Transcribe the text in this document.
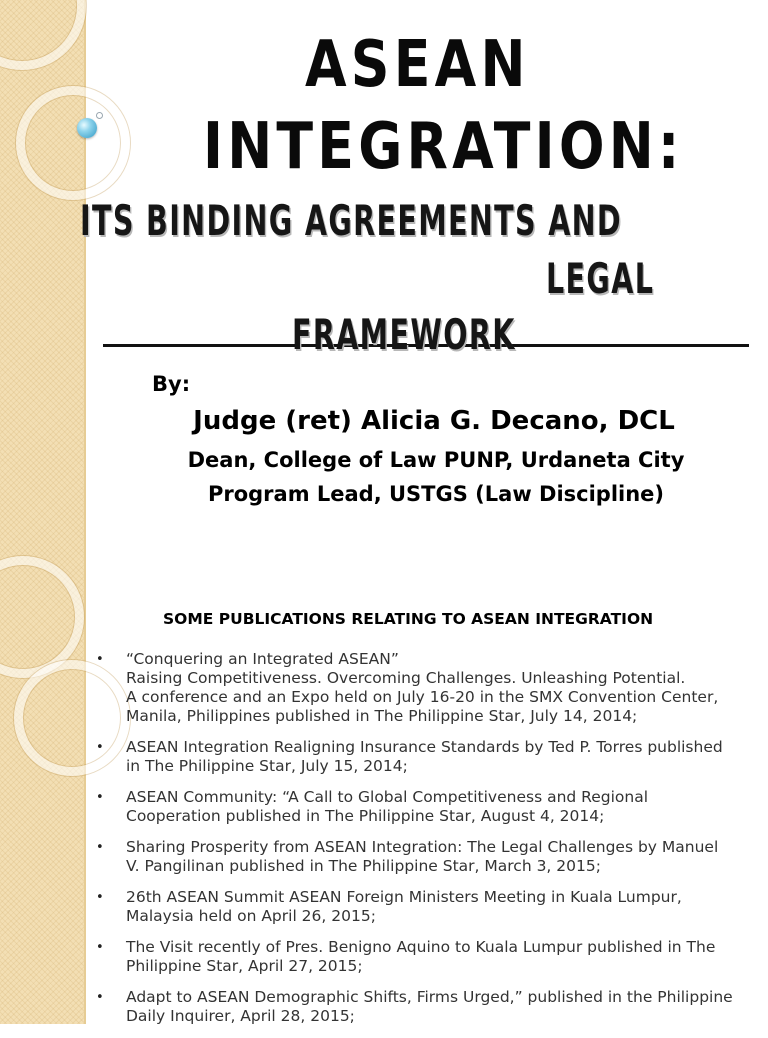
ASEAN
INTEGRATION:
ITS BINDING AGREEMENTS AND
LEGAL
FRAMEWORK
By:
Judge (ret) Alicia G. Decano, DCL
Dean, College of Law PUNP, Urdaneta City
Program Lead, USTGS (Law Discipline)
SOME PUBLICATIONS RELATING TO ASEAN INTEGRATION
• “Conquering an Integrated ASEAN”
Raising Competitiveness. Overcoming Challenges. Unleashing Potential.
A conference and an Expo held on July 16-20 in the SMX Convention Center, Manila, Philippines published in The Philippine Star, July 14, 2014;
• ASEAN Integration Realigning Insurance Standards by Ted P. Torres published in The Philippine Star, July 15, 2014;
• ASEAN Community: “A Call to Global Competitiveness and Regional Cooperation published in The Philippine Star, August 4, 2014;
• Sharing Prosperity from ASEAN Integration: The Legal Challenges by Manuel V. Pangilinan published in The Philippine Star, March 3, 2015;
• 26th ASEAN Summit ASEAN Foreign Ministers Meeting in Kuala Lumpur, Malaysia held on April 26, 2015;
• The Visit recently of Pres. Benigno Aquino to Kuala Lumpur published in The Philippine Star, April 27, 2015;
• Adapt to ASEAN Demographic Shifts, Firms Urged,” published in the Philippine Daily Inquirer, April 28, 2015;
